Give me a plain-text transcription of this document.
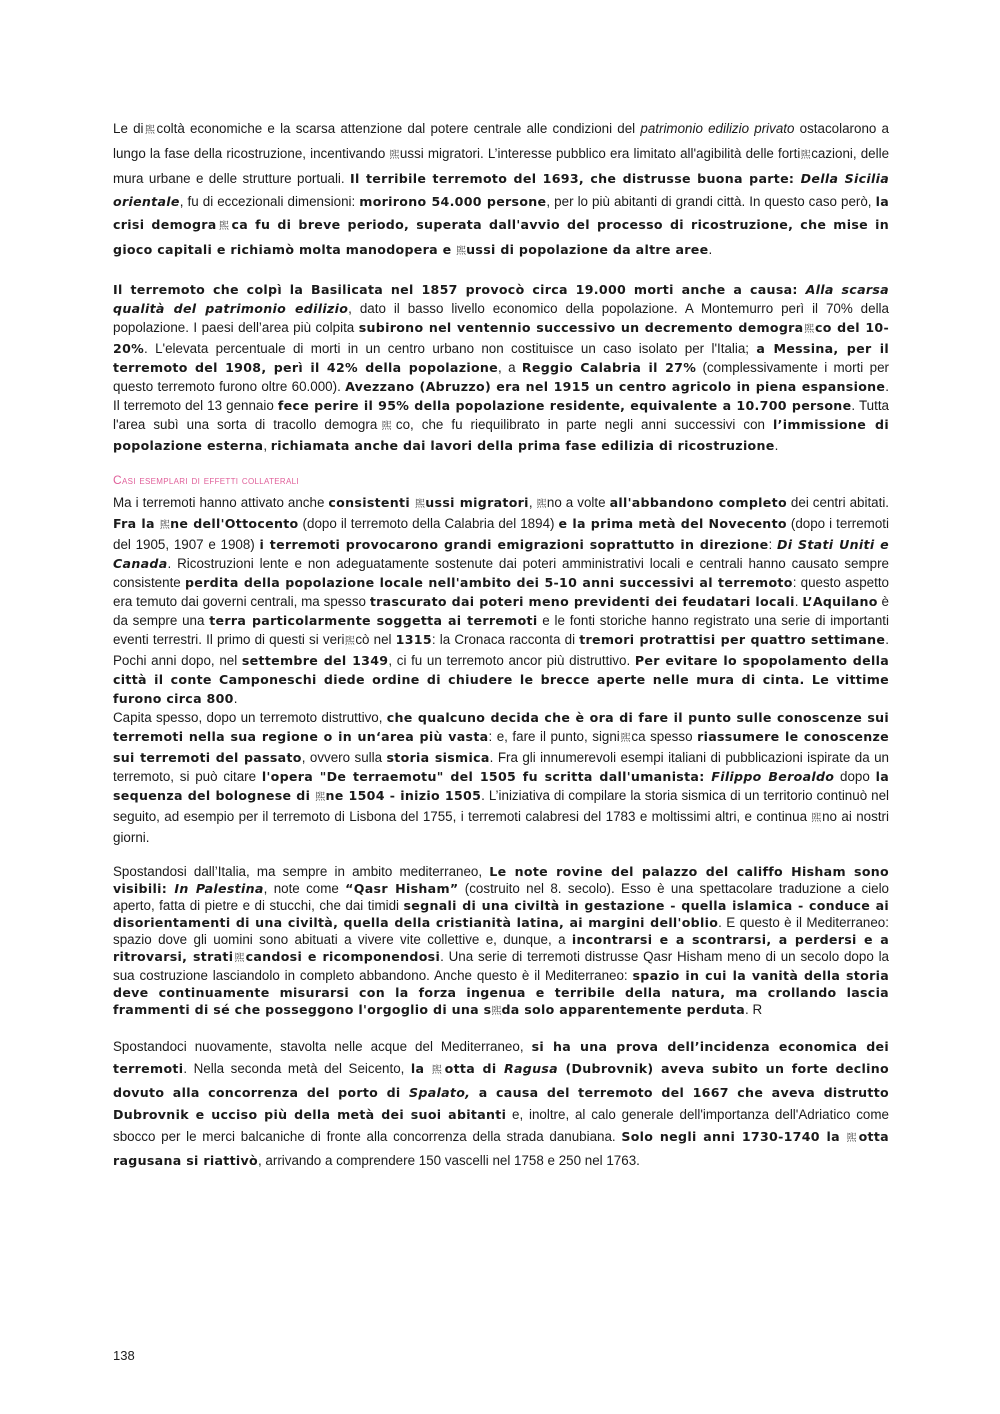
Le di𤋮coltà economiche e la scarsa attenzione dal potere centrale alle condizioni del patrimonio edilizio privato ostacolarono a lungo la fase della ricostruzione, incentivando 𤋮ussi migratori. L’interesse pubblico era limitato all'agibilità delle forti𤋮cazioni, delle mura urbane e delle strutture portuali. Il terribile terremoto del 1693, che distrusse buona parte: Della Sicilia orientale, fu di eccezionali dimensioni: morirono 54.000 persone, per lo più abitanti di grandi città. In questo caso però, la crisi demogra𤋮ca fu di breve periodo, superata dall'avvio del processo di ricostruzione, che mise in gioco capitali e richiamò molta manodopera e 𤋮ussi di popolazione da altre aree.

Il terremoto che colpì la Basilicata nel 1857 provocò circa 19.000 morti anche a causa: Alla scarsa qualità del patrimonio edilizio, dato il basso livello economico della popolazione. A Montemurro perì il 70% della popolazione. I paesi dell’area più colpita subirono nel ventennio successivo un decremento demogra𤋮co del 10-20%. L'elevata percentuale di morti in un centro urbano non costituisce un caso isolato per l'Italia; a Messina, per il terremoto del 1908, perì il 42% della popolazione, a Reggio Calabria il 27% (complessivamente i morti per questo terremoto furono oltre 60.000). Avezzano (Abruzzo) era nel 1915 un centro agricolo in piena espansione. Il terremoto del 13 gennaio fece perire il 95% della popolazione residente, equivalente a 10.700 persone. Tutta l'area subì una sorta di tracollo demogra𤋮co, che fu riequilibrato in parte negli anni successivi con l’immissione di popolazione esterna, richiamata anche dai lavori della prima fase edilizia di ricostruzione.

Casi esemplari di effetti collaterali

Ma i terremoti hanno attivato anche consistenti 𤋮ussi migratori, 𤋮no a volte all'abbandono completo dei centri abitati. Fra la 𤋮ne dell'Ottocento (dopo il terremoto della Calabria del 1894) e la prima metà del Novecento (dopo i terremoti del 1905, 1907 e 1908) i terremoti provocarono grandi emigrazioni soprattutto in direzione: Di Stati Uniti e Canada. Ricostruzioni lente e non adeguatamente sostenute dai poteri amministrativi locali e centrali hanno causato sempre consistente perdita della popolazione locale nell'ambito dei 5-10 anni successivi al terremoto: questo aspetto era temuto dai governi centrali, ma spesso trascurato dai poteri meno previdenti dei feudatari locali. L’Aquilano è da sempre una terra particolarmente soggetta ai terremoti e le fonti storiche hanno registrato una serie di importanti eventi terrestri. Il primo di questi si veri𤋮cò nel 1315: la Cronaca racconta di tremori protrattisi per quattro settimane. Pochi anni dopo, nel settembre del 1349, ci fu un terremoto ancor più distruttivo. Per evitare lo spopolamento della città il conte Camponeschi diede ordine di chiudere le brecce aperte nelle mura di cinta. Le vittime furono circa 800.

Capita spesso, dopo un terremoto distruttivo, che qualcuno decida che è ora di fare il punto sulle conoscenze sui terremoti nella sua regione o in un‘area più vasta: e, fare il punto, signi𤋮ca spesso riassumere le conoscenze sui terremoti del passato, ovvero sulla storia sismica. Fra gli innumerevoli esempi italiani di pubblicazioni ispirate da un terremoto, si può citare l'opera "De terraemotu" del 1505 fu scritta dall'umanista: Filippo Beroaldo dopo la sequenza del bolognese di 𤋮ne 1504 - inizio 1505. L’iniziativa di compilare la storia sismica di un territorio continuò nel seguito, ad esempio per il terremoto di Lisbona del 1755, i terremoti calabresi del 1783 e moltissimi altri, e continua 𤋮no ai nostri giorni.

Spostandosi dall’Italia, ma sempre in ambito mediterraneo, Le note rovine del palazzo del califfo Hisham sono visibili: In Palestina, note come “Qasr Hisham” (costruito nel 8. secolo). Esso è una spettacolare traduzione a cielo aperto, fatta di pietre e di stucchi, che dai timidi segnali di una civiltà in gestazione - quella islamica - conduce ai disorientamenti di una civiltà, quella della cristianità latina, ai margini dell'oblio. E questo è il Mediterraneo: spazio dove gli uomini sono abituati a vivere vite collettive e, dunque, a incontrarsi e a scontrarsi, a perdersi e a ritrovarsi, strati𤋮candosi e ricomponendosi. Una serie di terremoti distrusse Qasr Hisham meno di un secolo dopo la sua costruzione lasciandolo in completo abbandono. Anche questo è il Mediterraneo: spazio in cui la vanità della storia deve continuamente misurarsi con la forza ingenua e terribile della natura, ma crollando lascia frammenti di sé che posseggono l'orgoglio di una s𤋮da solo apparentemente perduta. R

Spostandoci nuovamente, stavolta nelle acque del Mediterraneo, si ha una prova dell’incidenza economica dei terremoti. Nella seconda metà del Seicento, la 𤋮otta di Ragusa (Dubrovnik) aveva subito un forte declino dovuto alla concorrenza del porto di Spalato, a causa del terremoto del 1667 che aveva distrutto Dubrovnik e ucciso più della metà dei suoi abitanti e, inoltre, al calo generale dell'importanza dell'Adriatico come sbocco per le merci balcaniche di fronte alla concorrenza della strada danubiana. Solo negli anni 1730-1740 la 𤋮otta ragusana si riattivò, arrivando a comprendere 150 vascelli nel 1758 e 250 nel 1763.

138
